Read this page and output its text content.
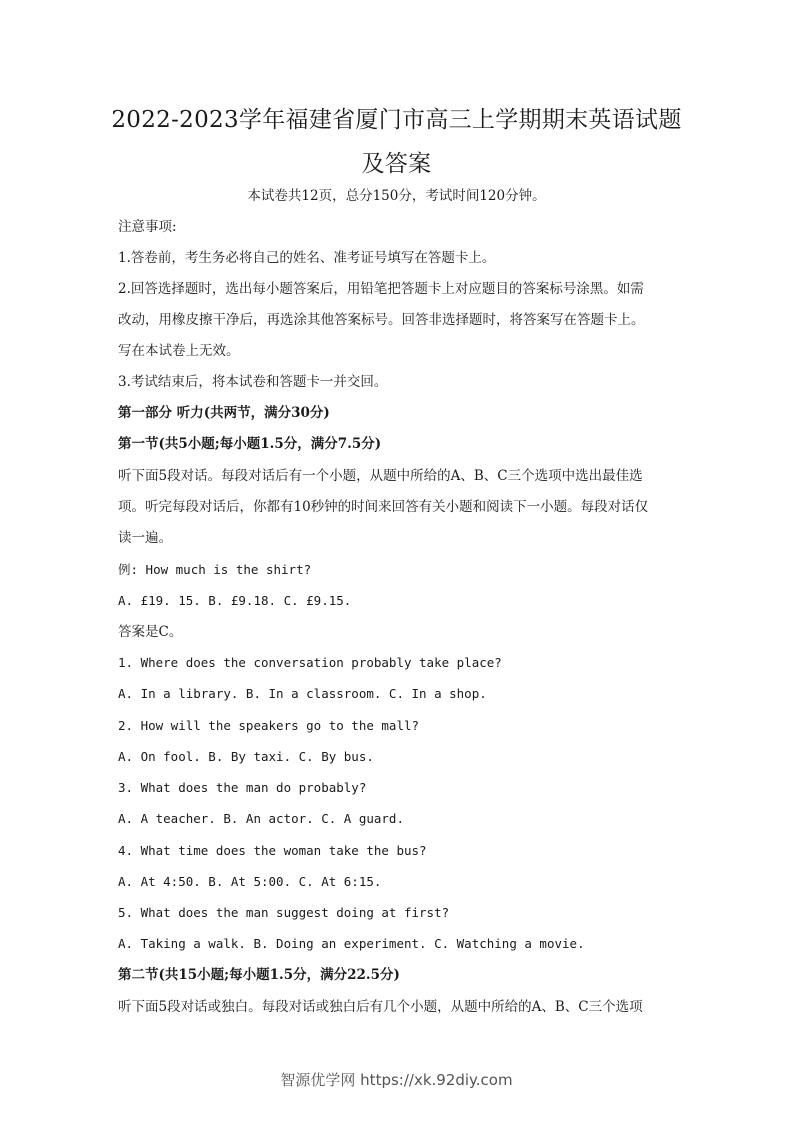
2022-2023学年福建省厦门市高三上学期期末英语试题及答案
本试卷共12页，总分150分，考试时间120分钟。
注意事项:
1.答卷前，考生务必将自己的姓名、准考证号填写在答题卡上。
2.回答选择题时，选出每小题答案后，用铅笔把答题卡上对应题目的答案标号涂黑。如需
改动，用橡皮擦干净后，再选涂其他答案标号。回答非选择题时，将答案写在答题卡上。
写在本试卷上无效。
3.考试结束后，将本试卷和答题卡一并交回。
第一部分 听力(共两节，满分30分)
第一节(共5小题;每小题1.5分，满分7.5分)
听下面5段对话。每段对话后有一个小题，从题中所给的A、B、C三个选项中选出最佳选
项。听完每段对话后，你都有10秒钟的时间来回答有关小题和阅读下一小题。每段对话仅
读一遍。
例: How much is the shirt?
A. £19. 15. B. £9.18. C. £9.15.
答案是C。
1. Where does the conversation probably take place?
A. In a library. B. In a classroom. C. In a shop.
2. How will the speakers go to the mall?
A. On fool. B. By taxi. C. By bus.
3. What does the man do probably?
A. A teacher. B. An actor. C. A guard.
4. What time does the woman take the bus?
A. At 4:50. B. At 5:00. C. At 6:15.
5. What does the man suggest doing at first?
A. Taking a walk. B. Doing an experiment. C. Watching a movie.
第二节(共15小题;每小题1.5分，满分22.5分)
听下面5段对话或独白。每段对话或独白后有几个小题，从题中所给的A、B、C三个选项
智源优学网 https://xk.92diy.com
